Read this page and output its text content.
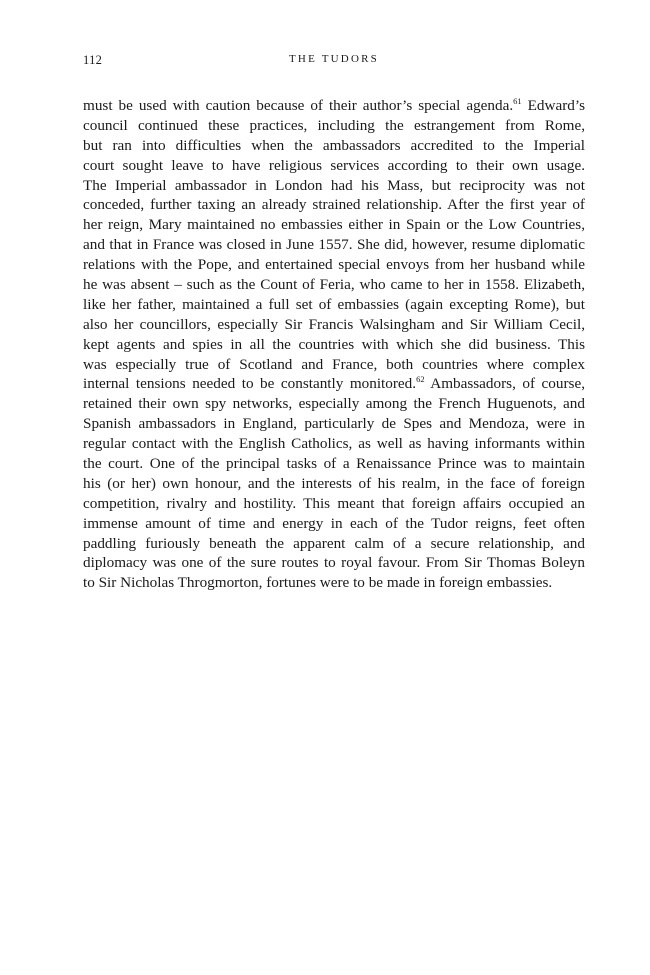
112	THE TUDORS
must be used with caution because of their author’s special agenda.$^{61}$ Edward’s
council continued these practices, including the estrangement from Rome,
but ran into difficulties when the ambassadors accredited to the Imperial
court sought leave to have religious services according to their own usage.
The Imperial ambassador in London had his Mass, but reciprocity was not
conceded, further taxing an already strained relationship. After the first year of
her reign, Mary maintained no embassies either in Spain or the Low Countries,
and that in France was closed in June 1557. She did, however, resume diplomatic
relations with the Pope, and entertained special envoys from her husband while
he was absent – such as the Count of Feria, who came to her in 1558. Elizabeth,
like her father, maintained a full set of embassies (again excepting Rome), but
also her councillors, especially Sir Francis Walsingham and Sir William Cecil,
kept agents and spies in all the countries with which she did business. This
was especially true of Scotland and France, both countries where complex
internal tensions needed to be constantly monitored.$^{62}$ Ambassadors, of course,
retained their own spy networks, especially among the French Huguenots, and
Spanish ambassadors in England, particularly de Spes and Mendoza, were in
regular contact with the English Catholics, as well as having informants within
the court. One of the principal tasks of a Renaissance Prince was to maintain
his (or her) own honour, and the interests of his realm, in the face of foreign
competition, rivalry and hostility. This meant that foreign affairs occupied an
immense amount of time and energy in each of the Tudor reigns, feet often
paddling furiously beneath the apparent calm of a secure relationship, and
diplomacy was one of the sure routes to royal favour. From Sir Thomas Boleyn
to Sir Nicholas Throgmorton, fortunes were to be made in foreign embassies.
